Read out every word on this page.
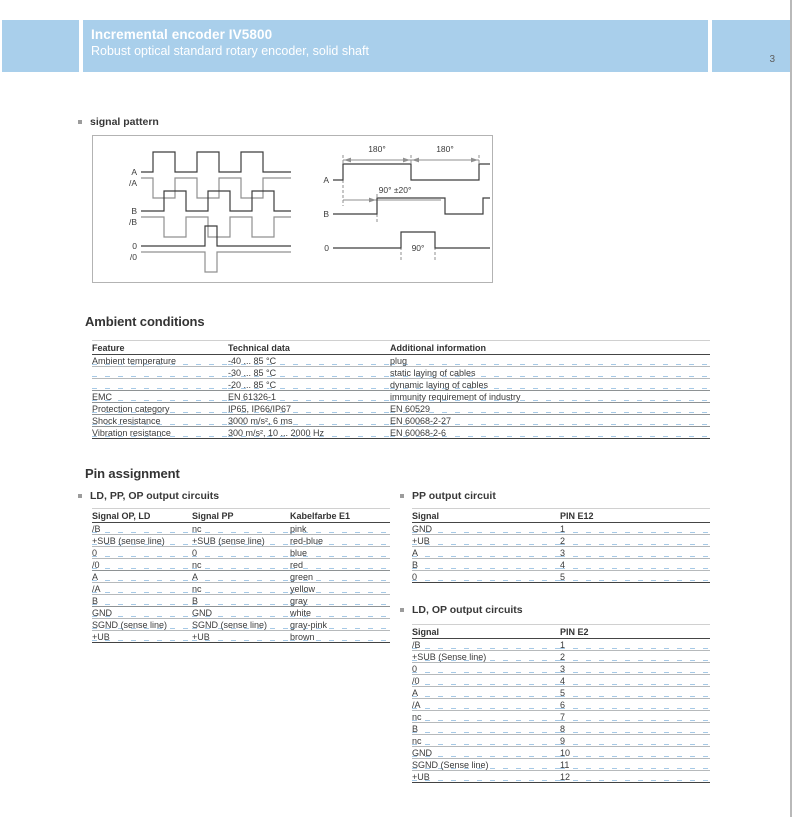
Incremental encoder IV5800
Robust optical standard rotary encoder, solid shaft
3
signal pattern
A
/A
B
/B
0
/0
180°	180°
A
90° ±20°
B
0	90°
Ambient conditions
Feature	Technical data	Additional information
Ambient temperature	-40 ... 85 °C	plug
	-30 ... 85 °C	static laying of cables
	-20 ... 85 °C	dynamic laying of cables
EMC	EN 61326-1	immunity requirement of industry
Protection category	IP65, IP66/IP67	EN 60529
Shock resistance	3000 m/s², 6 ms	EN 60068-2-27
Vibration resistance	300 m/s², 10 ... 2000 Hz	EN 60068-2-6
Pin assignment
LD, PP, OP output circuits
Signal OP, LD	Signal PP	Kabelfarbe E1
/B	nc	pink
+SUB (sense line)	+SUB (sense line)	red-blue
0	0	blue
/0	nc	red
A	A	green
/A	nc	yellow
B	B	gray
GND	GND	white
SGND (sense line)	SGND (sense line)	gray-pink
+UB	+UB	brown
PP output circuit
Signal	PIN E12
GND	1
+UB	2
A	3
B	4
0	5
LD, OP output circuits
Signal	PIN E2
/B	1
+SUB (Sense line)	2
0	3
/0	4
A	5
/A	6
nc	7
B	8
nc	9
GND	10
SGND (Sense line)	11
+UB	12
